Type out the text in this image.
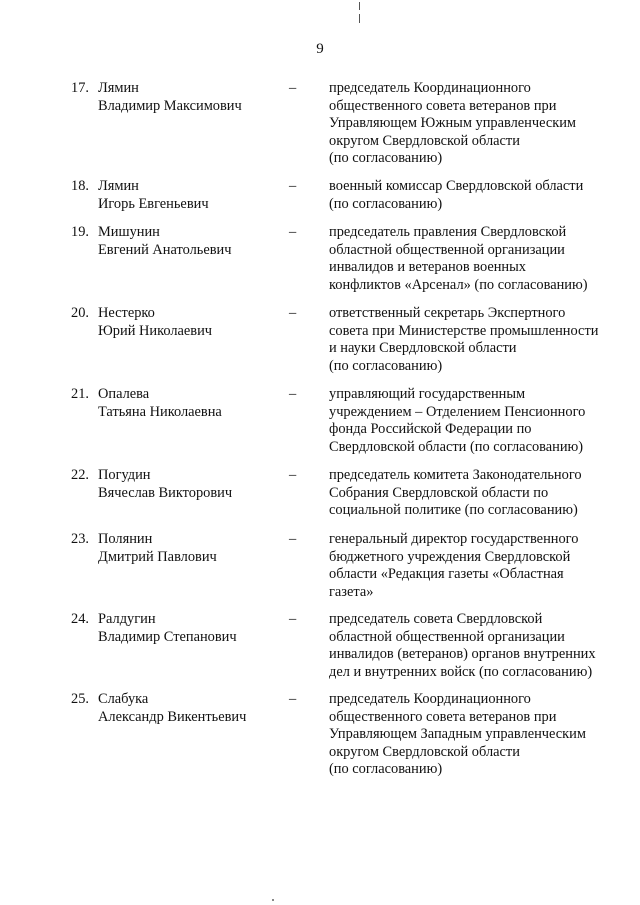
9
17. Лямин
Владимир Максимович
– председатель Координационного
общественного совета ветеранов при
Управляющем Южным управленческим
округом Свердловской области
(по согласованию)
18. Лямин
Игорь Евгеньевич
– военный комиссар Свердловской области
(по согласованию)
19. Мишунин
Евгений Анатольевич
– председатель правления Свердловской
областной общественной организации
инвалидов и ветеранов военных
конфликтов «Арсенал» (по согласованию)
20. Нестерко
Юрий Николаевич
– ответственный секретарь Экспертного
совета при Министерстве промышленности
и науки Свердловской области
(по согласованию)
21. Опалева
Татьяна Николаевна
– управляющий государственным
учреждением – Отделением Пенсионного
фонда Российской Федерации по
Свердловской области (по согласованию)
22. Погудин
Вячеслав Викторович
– председатель комитета Законодательного
Собрания Свердловской области по
социальной политике (по согласованию)
23. Полянин
Дмитрий Павлович
– генеральный директор государственного
бюджетного учреждения Свердловской
области «Редакция газеты «Областная
газета»
24. Ралдугин
Владимир Степанович
– председатель совета Свердловской
областной общественной организации
инвалидов (ветеранов) органов внутренних
дел и внутренних войск (по согласованию)
25. Слабука
Александр Викентьевич
– председатель Координационного
общественного совета ветеранов при
Управляющем Западным управленческим
округом Свердловской области
(по согласованию)
